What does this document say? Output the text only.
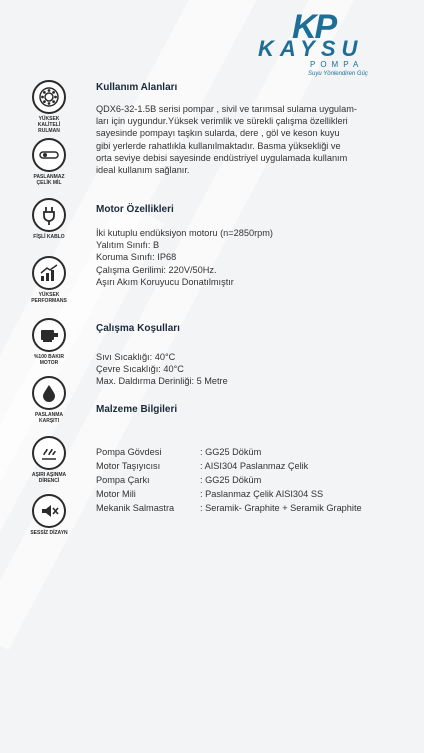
KP
KAYSU
POMPA
Suyu Yönlendiren Güç
YÜKSEK KALİTELİ RULMAN
PASLANMAZ ÇELİK MİL
FİŞLİ KABLO
YÜKSEK PERFORMANS
%100 BAKIR MOTOR
PASLANMA KARŞITI
AŞIRI AŞINMA DİRENCİ
SESSİZ DİZAYN
Kullanım Alanları
QDX6-32-1.5B serisi pompar , sivil ve tarımsal sulama uygulam-
ları için uygundur.Yüksek verimlik ve sürekli çalışma özellikleri
sayesinde pompayı taşkın sularda, dere , göl ve keson kuyu
gibi yerlerde rahatlıkla kullanılmaktadır. Basma yüksekliği ve
orta seviye debisi sayesinde endüstriyel uygulamada kullanım
ideal kullanım sağlanır.
Motor Özellikleri
İki kutuplu endüksiyon motoru (n=2850rpm)
Yalıtım Sınıfı: B
Koruma Sınıfı: IP68
Çalışma Gerilimi: 220V/50Hz.
Aşırı Akım Koruyucu Donatılmıştır
Çalışma Koşulları
Sıvı Sıcaklığı: 40°C
Çevre Sıcaklığı: 40°C
Max. Daldırma Derinliği: 5 Metre
Malzeme Bilgileri
Pompa Gövdesi	: GG25 Döküm
Motor Taşıyıcısı	: AISI304 Paslanmaz Çelik
Pompa Çarkı	: GG25 Döküm
Motor Mili	: Paslanmaz Çelik AISI304 SS
Mekanik Salmastra	: Seramik- Graphite + Seramik Graphite
